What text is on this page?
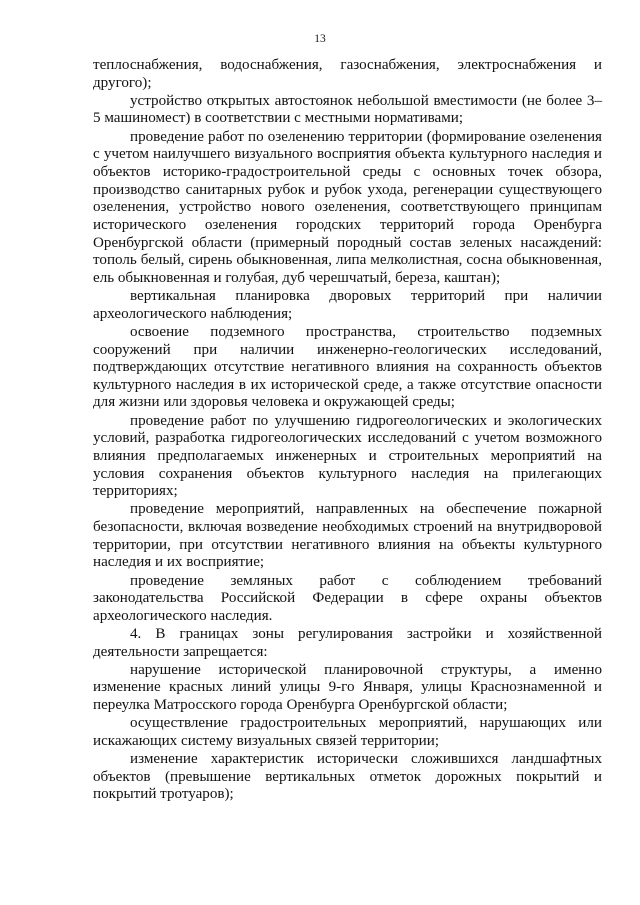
13

теплоснабжения, водоснабжения, газоснабжения, электроснабжения и другого);

устройство открытых автостоянок небольшой вместимости (не более 3–5 машиномест) в соответствии с местными нормативами;

проведение работ по озеленению территории (формирование озеленения с учетом наилучшего визуального восприятия объекта культурного наследия и объектов историко-градостроительной среды с основных точек обзора, производство санитарных рубок и рубок ухода, регенерации существующего озеленения, устройство нового озеленения, соответствующего принципам исторического озеленения городских территорий города Оренбурга Оренбургской области (примерный породный состав зеленых насаждений: тополь белый, сирень обыкновенная, липа мелколистная, сосна обыкновенная, ель обыкновенная и голубая, дуб черешчатый, береза, каштан);

вертикальная планировка дворовых территорий при наличии археологического наблюдения;

освоение подземного пространства, строительство подземных сооружений при наличии инженерно-геологических исследований, подтверждающих отсутствие негативного влияния на сохранность объектов культурного наследия в их исторической среде, а также отсутствие опасности для жизни или здоровья человека и окружающей среды;

проведение работ по улучшению гидрогеологических и экологических условий, разработка гидрогеологических исследований с учетом возможного влияния предполагаемых инженерных и строительных мероприятий на условия сохранения объектов культурного наследия на прилегающих территориях;

проведение мероприятий, направленных на обеспечение пожарной безопасности, включая возведение необходимых строений на внутридворовой территории, при отсутствии негативного влияния на объекты культурного наследия и их восприятие;

проведение земляных работ с соблюдением требований законодательства Российской Федерации в сфере охраны объектов археологического наследия.

4. В границах зоны регулирования застройки и хозяйственной деятельности запрещается:

нарушение исторической планировочной структуры, а именно изменение красных линий улицы 9-го Января, улицы Краснознаменной и переулка Матросского города Оренбурга Оренбургской области;

осуществление градостроительных мероприятий, нарушающих или искажающих систему визуальных связей территории;

изменение характеристик исторически сложившихся ландшафтных объектов (превышение вертикальных отметок дорожных покрытий и покрытий тротуаров);
